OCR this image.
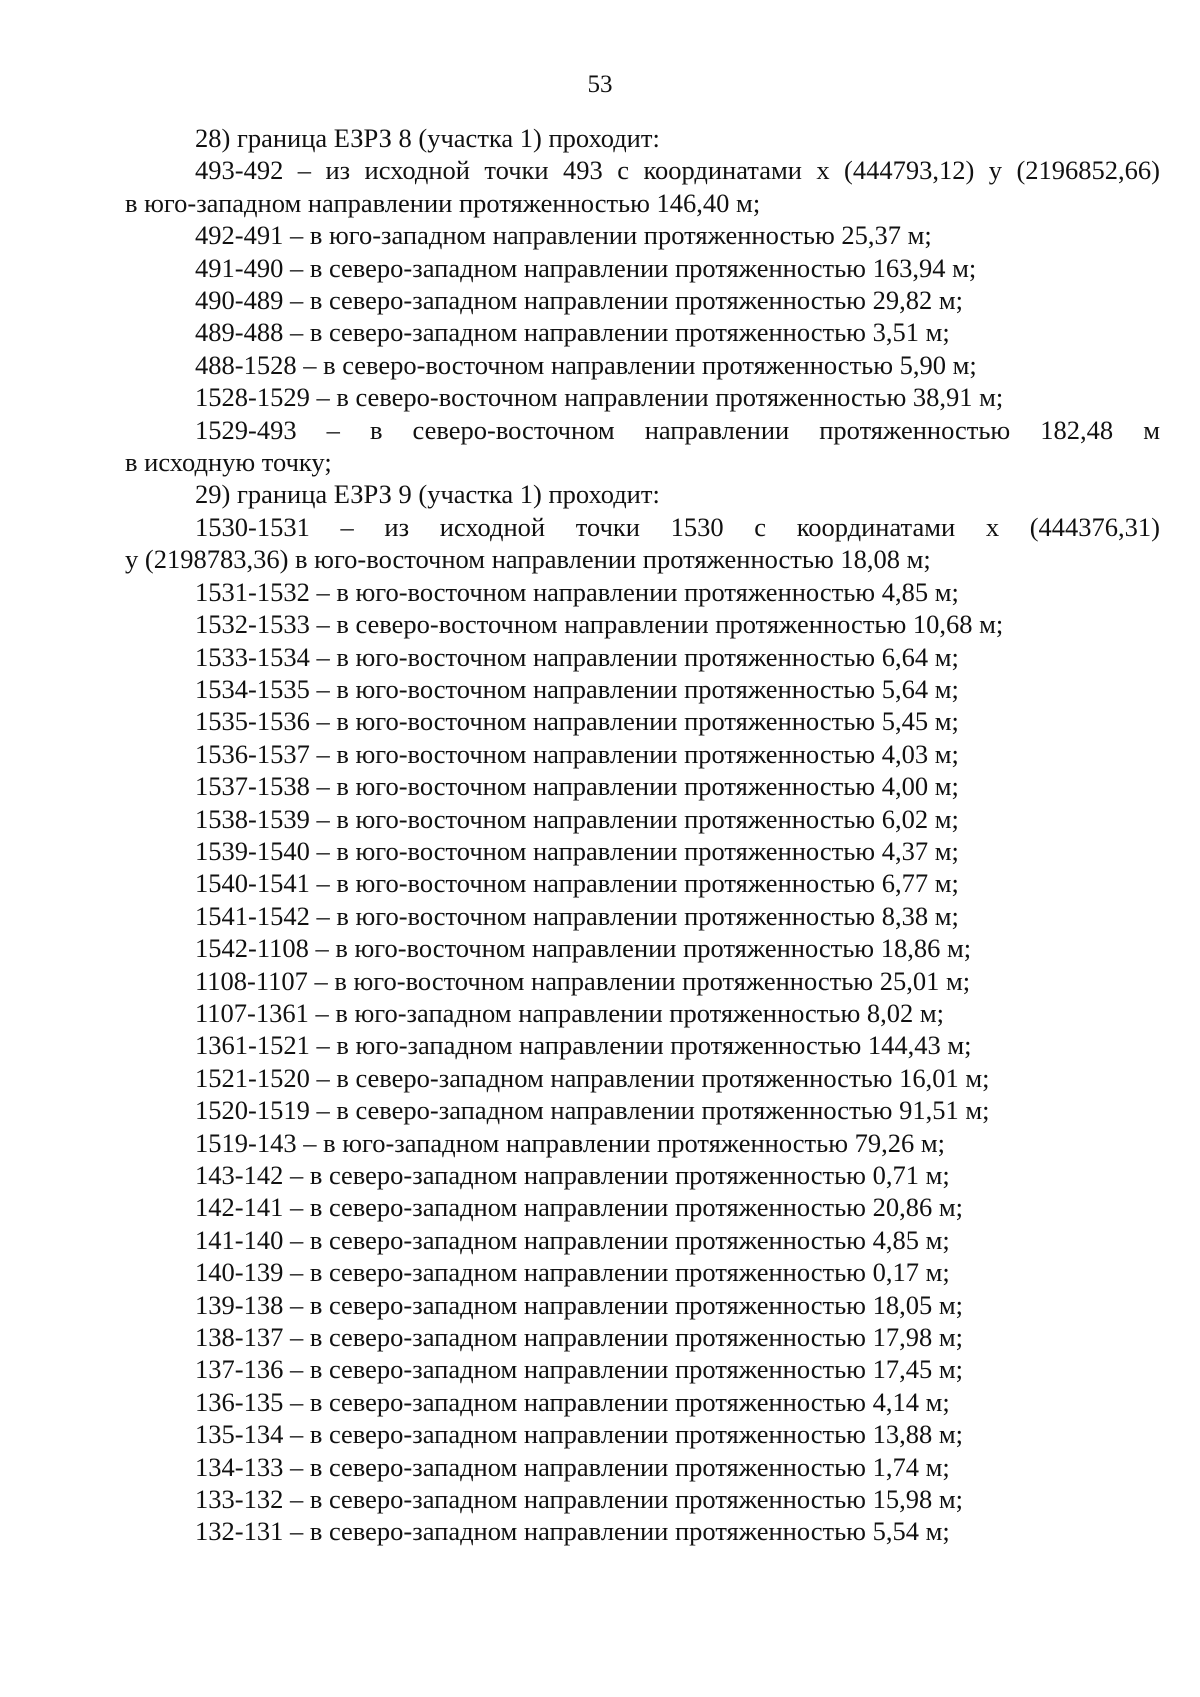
53
28) граница ЕЗРЗ 8 (участка 1) проходит:
493-492 – из исходной точки 493 с координатами х (444793,12) у (2196852,66)
в юго-западном направлении протяженностью 146,40 м;
492-491 – в юго-западном направлении протяженностью 25,37 м;
491-490 – в северо-западном направлении протяженностью 163,94 м;
490-489 – в северо-западном направлении протяженностью 29,82 м;
489-488 – в северо-западном направлении протяженностью 3,51 м;
488-1528 – в северо-восточном направлении протяженностью 5,90 м;
1528-1529 – в северо-восточном направлении протяженностью 38,91 м;
1529-493 – в северо-восточном направлении протяженностью 182,48 м
в исходную точку;
29) граница ЕЗРЗ 9 (участка 1) проходит:
1530-1531 – из исходной точки 1530 с координатами х (444376,31)
у (2198783,36) в юго-восточном направлении протяженностью 18,08 м;
1531-1532 – в юго-восточном направлении протяженностью 4,85 м;
1532-1533 – в северо-восточном направлении протяженностью 10,68 м;
1533-1534 – в юго-восточном направлении протяженностью 6,64 м;
1534-1535 – в юго-восточном направлении протяженностью 5,64 м;
1535-1536 – в юго-восточном направлении протяженностью 5,45 м;
1536-1537 – в юго-восточном направлении протяженностью 4,03 м;
1537-1538 – в юго-восточном направлении протяженностью 4,00 м;
1538-1539 – в юго-восточном направлении протяженностью 6,02 м;
1539-1540 – в юго-восточном направлении протяженностью 4,37 м;
1540-1541 – в юго-восточном направлении протяженностью 6,77 м;
1541-1542 – в юго-восточном направлении протяженностью 8,38 м;
1542-1108 – в юго-восточном направлении протяженностью 18,86 м;
1108-1107 – в юго-восточном направлении протяженностью 25,01 м;
1107-1361 – в юго-западном направлении протяженностью 8,02 м;
1361-1521 – в юго-западном направлении протяженностью 144,43 м;
1521-1520 – в северо-западном направлении протяженностью 16,01 м;
1520-1519 – в северо-западном направлении протяженностью 91,51 м;
1519-143 – в юго-западном направлении протяженностью 79,26 м;
143-142 – в северо-западном направлении протяженностью 0,71 м;
142-141 – в северо-западном направлении протяженностью 20,86 м;
141-140 – в северо-западном направлении протяженностью 4,85 м;
140-139 – в северо-западном направлении протяженностью 0,17 м;
139-138 – в северо-западном направлении протяженностью 18,05 м;
138-137 – в северо-западном направлении протяженностью 17,98 м;
137-136 – в северо-западном направлении протяженностью 17,45 м;
136-135 – в северо-западном направлении протяженностью 4,14 м;
135-134 – в северо-западном направлении протяженностью 13,88 м;
134-133 – в северо-западном направлении протяженностью 1,74 м;
133-132 – в северо-западном направлении протяженностью 15,98 м;
132-131 – в северо-западном направлении протяженностью 5,54 м;
